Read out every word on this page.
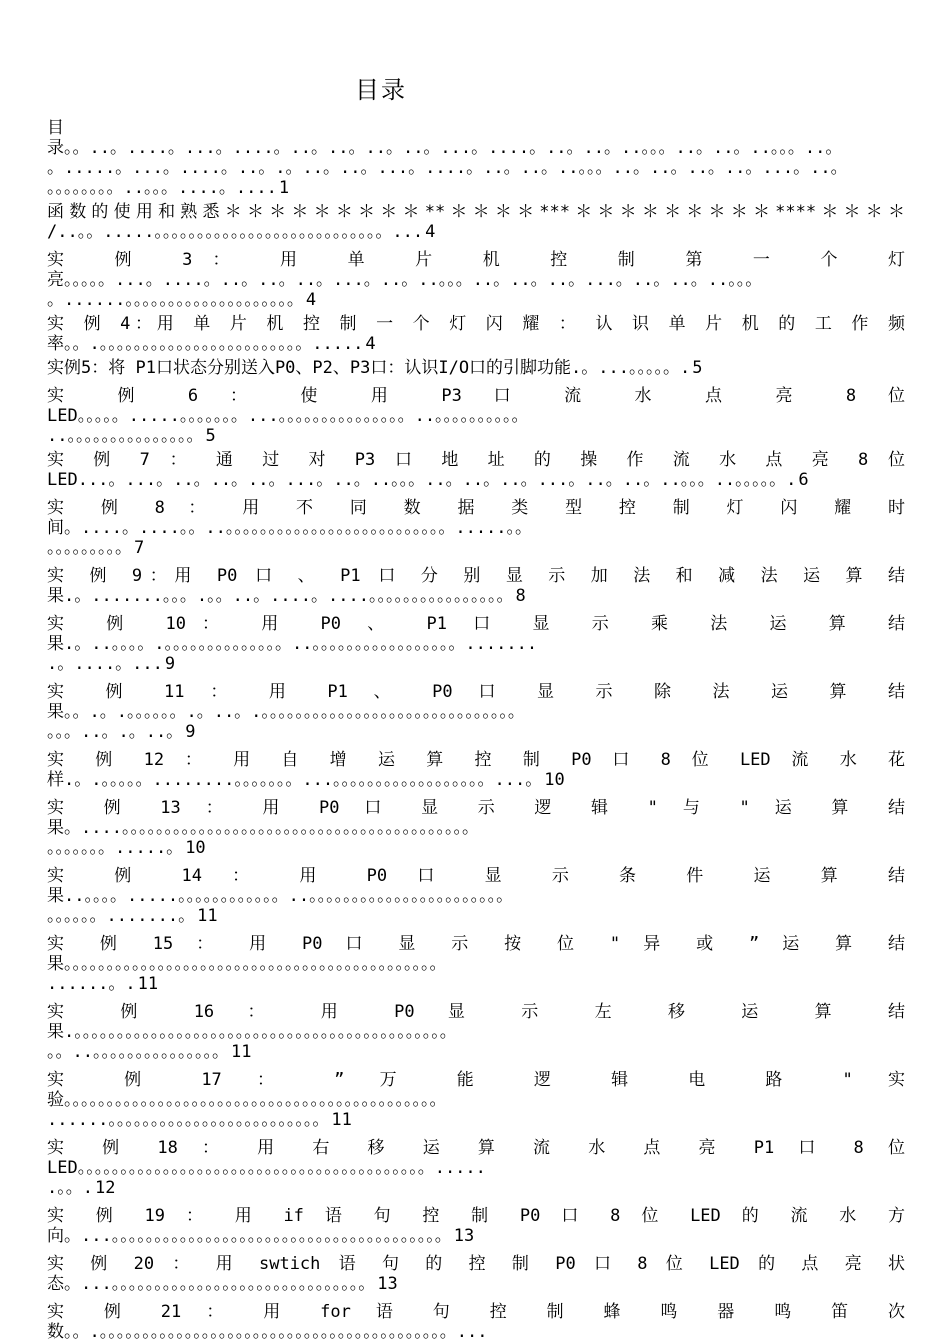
目录
目
录。。..。....。...。....。..。..。..。..。...。....。..。..。..。。。..。..。..。。。..。
。.....。...。....。..。.。..。..。...。....。..。..。..。。。..。..。..。..。...。..。
。。。。。。。。..。。。....。.... 1
函数的使用和熟悉＊＊＊＊＊＊＊＊＊**＊＊＊＊***＊＊＊＊＊＊＊＊＊****＊＊＊＊
/..。。.....。。。。。。。。。。。。。。。。。。。。。。。。。。。... 4
实 例 3： 用 单 片 机 控 制 第 一 个 灯
亮。。。。。...。....。..。..。..。...。..。..。。。..。..。..。...。..。..。..。。。
。......。。。。。。。。。。。。。。。。。。。。 4
实 例 4：用 单 片 机 控 制 一 个 灯 闪 耀 ： 认 识 单 片 机 的 工 作 频
率。。.。。。。。。。。。。。。。。。。。。。。。。。。..... 4
实例5：将 P1口状态分别送入P0、P2、P3口：认识I/O口的引脚功能.。...。。。。。. 5
实 例 6 ： 使 用 P3 口 流 水 点 亮 8 位
LED。。。。。.....。。。。。。。...。。。。。。。。。。。。。。。..。。。。。。。。。。
..。。。。。。。。。。。。。。。 5
实 例 7 ： 通 过 对 P3 口 地 址 的 操 作 流 水 点 亮 8 位
LED...。...。..。..。..。...。..。..。。。..。..。..。...。..。..。..。。。..。。。。。. 6
实 例 8 ： 用 不 同 数 据 类 型 控 制 灯 闪 耀 时
间。....。....。。..。。。。。。。。。。。。。。。。。。。。。。。。。。.....。。
。。。。。。。。。 7
实 例 9：用 P0 口 、 P1 口 分 别 显 示 加 法 和 减 法 运 算 结
果.。.......。。。.。。..。....。....。。。。。。。。。。。。。。。。 8
实 例 10： 用 P0 、 P1 口 显 示 乘 法 运 算 结
果.。..。。。。.。。。。。。。。。。。。。。..。。。。。。。。。。。。。。。。。.......
.。....。... 9
实 例 11 ： 用 P1 、 P0 口 显 示 除 法 运 算 结
果。。.。.。。。。。。.。..。.。。。。。。。。。。。。。。。。。。。。。。。。。。。。。。
。。。..。.。..。 9
实 例 12 ： 用 自 增 运 算 控 制 P0 口 8 位 LED 流 水 花
样.。.。。。。。........。。。。。。。...。。。。。。。。。。。。。。。。。。...。 10
实 例 13 ： 用 P0 口 显 示 逻 辑 " 与 " 运 算 结
果。....。。。。。。。。。。。。。。。。。。。。。。。。。。。。。。。。。。。。。。。。。
。。。。。。。.....。 10
实 例 14 ： 用 P0 口 显 示 条 件 运 算 结
果..。。。。.....。。。。。。。。。。。。..。。。。。。。。。。。。。。。。。。。。。。。
。。。。。。.......。 11
实 例 15 ： 用 P0 口 显 示 按 位 " 异 或 ” 运 算 结
果。。。。。。。。。。。。。。。。。。。。。。。。。。。。。。。。。。。。。。。。。。。。
......。. 11
实 例 16 ： 用 P0 显 示 左 移 运 算 结
果.。。。。。。。。。。。。。。。。。。。。。。。。。。。。。。。。。。。。。。。。。。。。
。。..。。。。。。。。。。。。。。。 11
实 例 17 ： ” 万 能 逻 辑 电 路 " 实
验。。。。。。。。。。。。。。。。。。。。。。。。。。。。。。。。。。。。。。。。。。。。
......。。。。。。。。。。。。。。。。。。。。。。。。。 11
实 例 18 ： 用 右 移 运 算 流 水 点 亮 P1 口 8 位
LED。。。。。。。。。。。。。。。。。。。。。。。。。。。。。。。。。。。。。。。。。.....
.。。. 12
实 例 19 ： 用 if 语 句 控 制 P0 口 8 位 LED 的 流 水 方
向。...。。。。。。。。。。。。。。。。。。。。。。。。。。。。。。。。。。。。。。。 13
实 例 20 ： 用 swtich 语 句 的 控 制 P0 口 8 位 LED 的 点 亮 状
态。...。。。。。。。。。。。。。。。。。。。。。。。。。。。。。。 13
实 例 21 ： 用 for 语 句 控 制 蜂 鸣 器 鸣 笛 次
数。。.。。。。。。。。。。。。。。。。。。。。。。。。。。。。。。。。。。。。。。。。。...
